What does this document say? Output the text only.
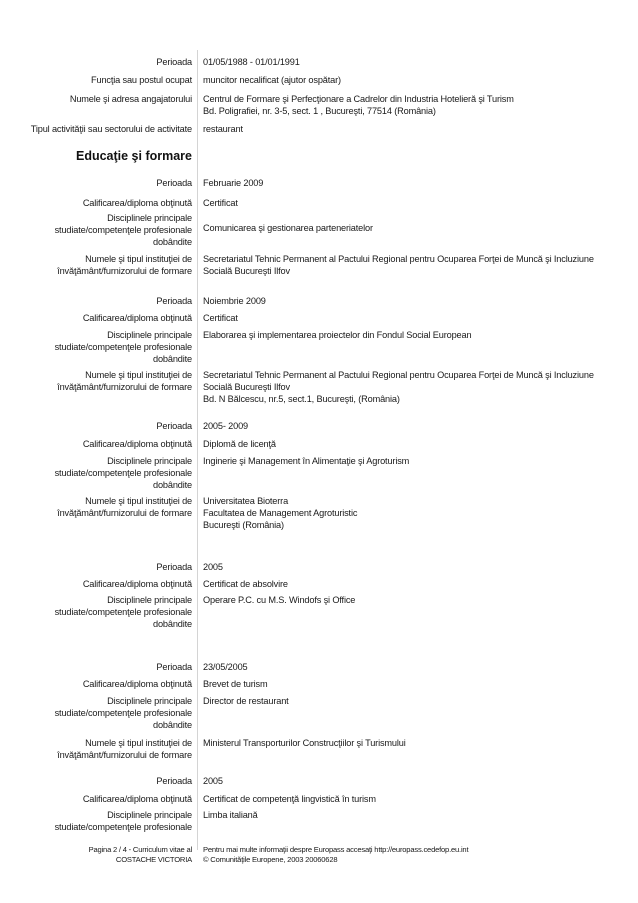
Perioada 01/05/1988 - 01/01/1991
Funcţia sau postul ocupat muncitor necalificat (ajutor ospătar)
Numele şi adresa angajatorului Centrul de Formare şi Perfecţionare a Cadrelor din Industria Hotelieră şi Turism
Bd. Poligrafiei, nr. 3-5, sect. 1 , Bucureşti, 77514 (România)
Tipul activităţii sau sectorului de activitate restaurant
Educaţie şi formare
Perioada Februarie 2009
Calificarea/diploma obţinută Certificat
Disciplinele principale
studiate/competenţele profesionale
dobândite
Comunicarea şi gestionarea parteneriatelor
Numele şi tipul instituţiei de
învăţământ/furnizorului de formare
Secretariatul Tehnic Permanent al Pactului Regional pentru Ocuparea Forţei de Muncă şi Incluziune
Socială Bucureşti Ilfov
Perioada Noiembrie 2009
Calificarea/diploma obţinută Certificat
Disciplinele principale
studiate/competenţele profesionale
dobândite
Elaborarea şi implementarea proiectelor din Fondul Social European
Numele şi tipul instituţiei de
învăţământ/furnizorului de formare
Secretariatul Tehnic Permanent al Pactului Regional pentru Ocuparea Forţei de Muncă şi Incluziune
Socială Bucureşti Ilfov
Bd. N Bălcescu, nr.5, sect.1, Bucureşti, (România)
Perioada 2005- 2009
Calificarea/diploma obţinută Diplomă de licenţă
Disciplinele principale
studiate/competenţele profesionale
dobândite
Inginerie şi Management în Alimentaţie şi Agroturism
Numele şi tipul instituţiei de
învăţământ/furnizorului de formare
Universitatea Bioterra
Facultatea de Management Agroturistic
Bucureşti (România)
Perioada 2005
Calificarea/diploma obţinută Certificat de absolvire
Disciplinele principale
studiate/competenţele profesionale
dobândite
Operare P.C. cu M.S. Windofs şi Office
Perioada 23/05/2005
Calificarea/diploma obţinută Brevet de turism
Disciplinele principale
studiate/competenţele profesionale
dobândite
Director de restaurant
Numele şi tipul instituţiei de
învăţământ/furnizorului de formare
Ministerul Transporturilor Construcţiilor şi Turismului
Perioada 2005
Calificarea/diploma obţinută Certificat de competenţă lingvistică în turism
Disciplinele principale
studiate/competenţele profesionale
Limba italiană
Pagina 2 / 4 - Curriculum vitae al
COSTACHE VICTORIA
Pentru mai multe informaţii despre Europass accesaţi http://europass.cedefop.eu.int
© Comunităţile Europene, 2003 20060628
